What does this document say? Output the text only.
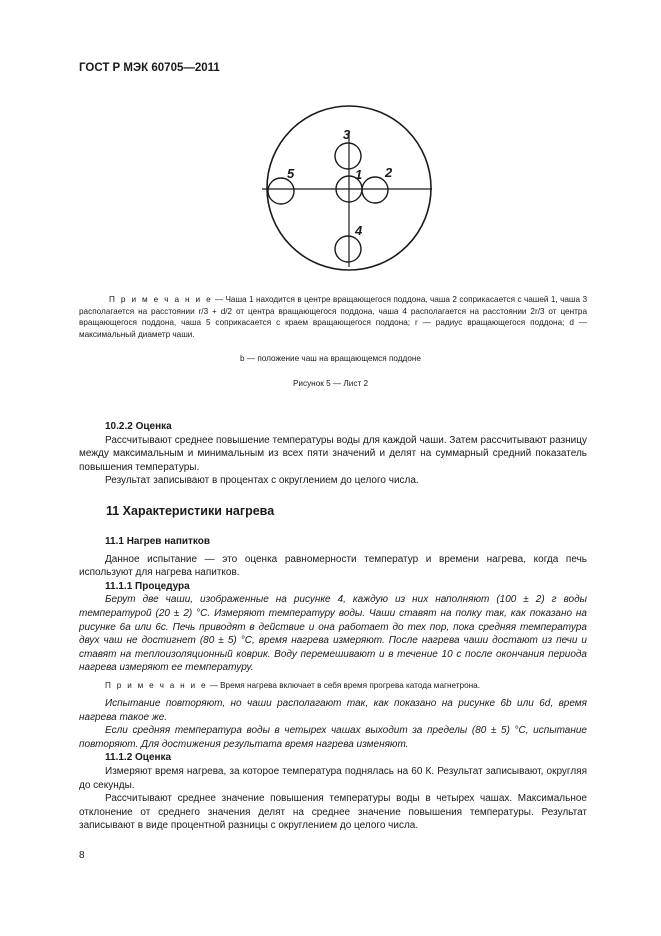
ГОСТ Р МЭК 60705—2011
1 2
3
4
5
П р и м е ч а н и е — Чаша 1 находится в центре вращающегося поддона, чаша 2 соприкасается с чашей 1, чаша 3 располагается на расстоянии r/3 + d/2 от центра вращающегося поддона, чаша 4 располагается на расстоянии 2r/3 от центра вращающегося поддона, чаша 5 соприкасается с краем вращающегося поддона; r — радиус вращающегося поддона; d — максимальный диаметр чаши.
b — положение чаш на вращающемся поддоне
Рисунок 5 — Лист 2

10.2.2 Оценка

Рассчитывают среднее повышение температуры воды для каждой чаши. Затем рассчитывают разницу между максимальным и минимальным из всех пяти значений и делят на суммарный средний показатель повышения температуры.

Результат записывают в процентах с округлением до целого числа.

11 Характеристики нагрева

11.1 Нагрев напитков

Данное испытание — это оценка равномерности температур и времени нагрева, когда печь используют для нагрева напитков.

11.1.1 Процедура

Берут две чаши, изображенные на рисунке 4, каждую из них наполняют (100 ± 2) г воды температурой (20 ± 2) °С. Измеряют температуру воды. Чаши ставят на полку так, как показано на рисунке 6а или 6с. Печь приводят в действие и она работает до тех пор, пока средняя температура двух чаш не достигнет (80 ± 5) °С, время нагрева измеряют. После нагрева чаши достают из печи и ставят на теплоизоляционный коврик. Воду перемешивают и в течение 10 с после окончания периода нагрева измеряют ее температуру.

П р и м е ч а н и е — Время нагрева включает в себя время прогрева катода магнетрона.

Испытание повторяют, но чаши располагают так, как показано на рисунке 6b или 6d, время нагрева такое же.

Если средняя температура воды в четырех чашах выходит за пределы (80 ± 5) °С, испытание повторяют. Для достижения результата время нагрева изменяют.

11.1.2 Оценка

Измеряют время нагрева, за которое температура поднялась на 60 К. Результат записывают, округляя до секунды.

Рассчитывают среднее значение повышения температуры воды в четырех чашах. Максимальное отклонение от среднего значения делят на среднее значение повышения температуры. Результат записывают в виде процентной разницы с округлением до целого числа.

8
